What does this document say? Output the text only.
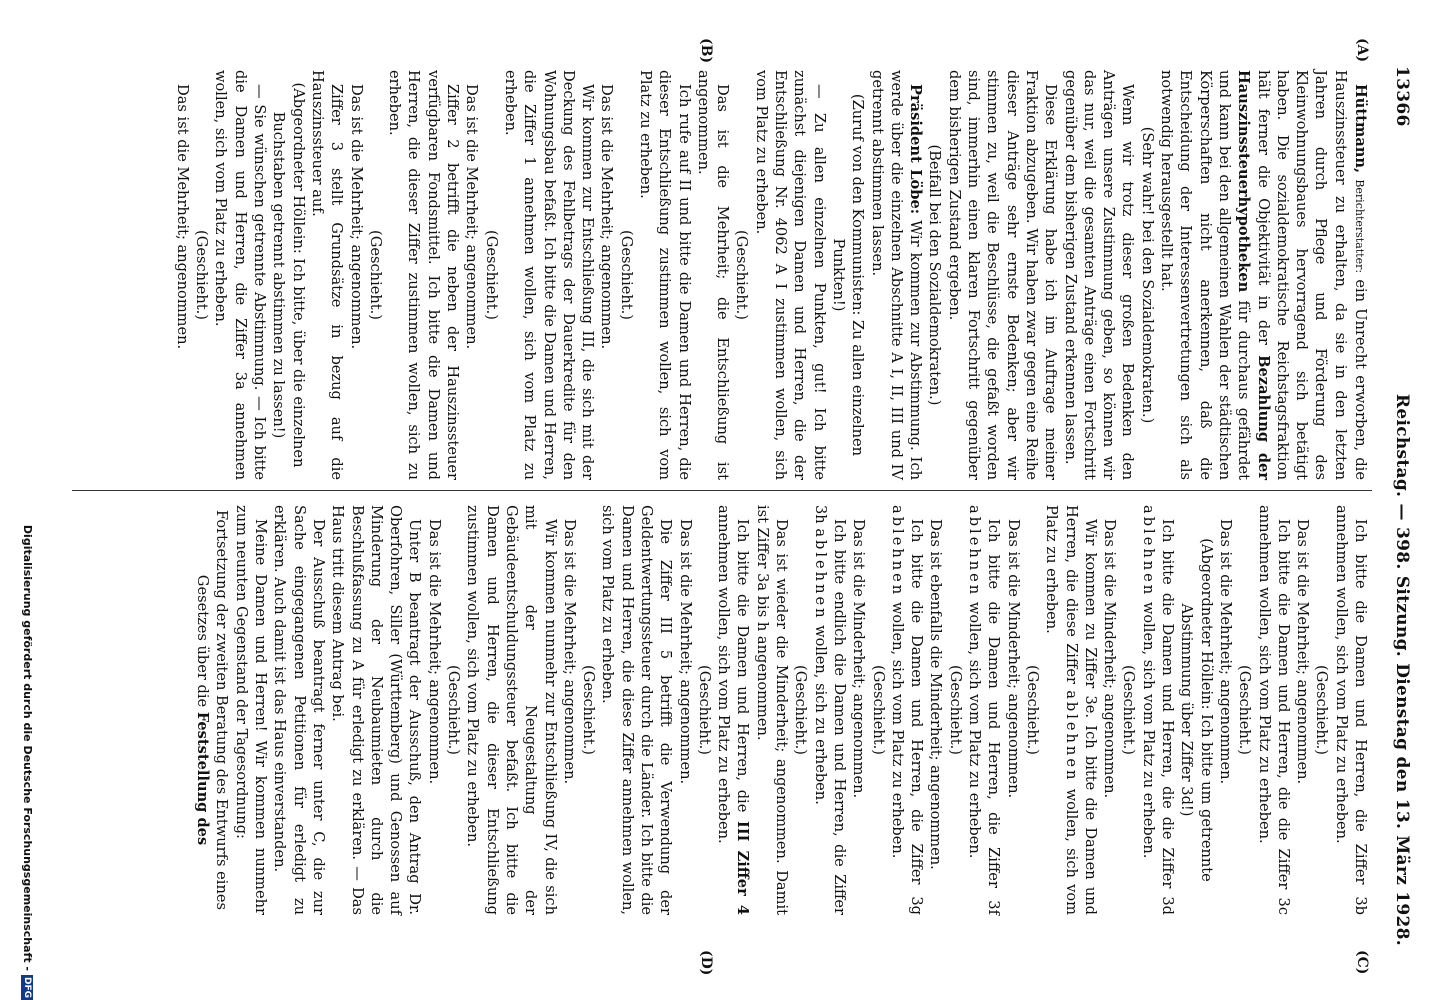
13366
Reichstag. — 398. Sitzung. Dienstag den 13. März 1928.
(A)
(B)
(C)
(D)

Hüttmann, Berichterstatter: ein Unrecht erworben, die Hauszinssteuer zu erhalten, da sie in den letzten Jahren durch Pflege und Förderung des Kleinwohnungsbaues hervorragend sich betätigt haben. Die sozialdemokratische Reichstagsfraktion hält ferner die Objektivität in der Bezahlung der Hauszinssteuerhypotheken für durchaus gefährdet und kann bei den allgemeinen Wahlen der städtischen Körperschaften nicht anerkennen, daß die Entscheidung der Interessenvertretungen sich als notwendig herausgestellt hat.

(Sehr wahr! bei den Sozialdemokraten.)

Wenn wir trotz dieser großen Bedenken den Anträgen unsere Zustimmung geben, so können wir das nur, weil die gesamten Anträge einen Fortschritt gegenüber dem bisherigen Zustand erkennen lassen.

Diese Erklärung habe ich im Auftrage meiner Fraktion abzugeben. Wir haben zwar gegen eine Reihe dieser Anträge sehr ernste Bedenken; aber wir stimmen zu, weil die Beschlüsse, die gefaßt worden sind, immerhin einen klaren Fortschritt gegenüber dem bisherigen Zustand ergeben.

(Beifall bei den Sozialdemokraten.)

Präsident Löbe: Wir kommen zur Abstimmung. Ich werde über die einzelnen Abschnitte A I, II, III und IV getrennt abstimmen lassen.

(Zuruf von den Kommunisten: Zu allen einzelnen Punkten!)

— Zu allen einzelnen Punkten, gut! Ich bitte zunächst diejenigen Damen und Herren, die der Entschließung Nr. 4062 A I zustimmen wollen, sich vom Platz zu erheben.

(Geschieht.)

Das ist die Mehrheit; die Entschließung ist angenommen.

Ich rufe auf II und bitte die Damen und Herren, die dieser Entschließung zustimmen wollen, sich vom Platz zu erheben.

(Geschieht.)

Das ist die Mehrheit; angenommen.

Wir kommen zur Entschließung III, die sich mit der Deckung des Fehlbetrags der Dauerkredite für den Wohnungsbau befaßt. Ich bitte die Damen und Herren, die Ziffer 1 annehmen wollen, sich vom Platz zu erheben.

(Geschieht.)

Das ist die Mehrheit; angenommen.

Ziffer 2 betrifft die neben der Hauszinssteuer verfügbaren Fondsmittel. Ich bitte die Damen und Herren, die dieser Ziffer zustimmen wollen, sich zu erheben.

(Geschieht.)

Das ist die Mehrheit; angenommen.

Ziffer 3 stellt Grundsätze in bezug auf die Hauszinssteuer auf.

(Abgeordneter Höllein: Ich bitte, über die einzelnen Buchstaben getrennt abstimmen zu lassen!)

— Sie wünschen getrennte Abstimmung. — Ich bitte die Damen und Herren, die Ziffer 3a annehmen wollen, sich vom Platz zu erheben.

(Geschieht.)

Das ist die Mehrheit; angenommen.

Ich bitte die Damen und Herren, die Ziffer 3b annehmen wollen, sich vom Platz zu erheben.

(Geschieht.)

Das ist die Mehrheit; angenommen.

Ich bitte die Damen und Herren, die die Ziffer 3c annehmen wollen, sich vom Platz zu erheben.

(Geschieht.)

Das ist die Mehrheit; angenommen.

(Abgeordneter Höllein: Ich bitte um getrennte Abstimmung über Ziffer 3d!)

Ich bitte die Damen und Herren, die die Ziffer 3d ablehnen wollen, sich vom Platz zu erheben.

(Geschieht.)

Das ist die Minderheit; angenommen.

Wir kommen zu Ziffer 3e. Ich bitte die Damen und Herren, die diese Ziffer ablehnen wollen, sich vom Platz zu erheben.

(Geschieht.)

Das ist die Minderheit; angenommen.

Ich bitte die Damen und Herren, die Ziffer 3f ablehnen wollen, sich vom Platz zu erheben.

(Geschieht.)

Das ist ebenfalls die Minderheit; angenommen.

Ich bitte die Damen und Herren, die Ziffer 3g ablehnen wollen, sich vom Platz zu erheben.

(Geschieht.)

Das ist die Minderheit; angenommen.

Ich bitte endlich die Damen und Herren, die Ziffer 3h ablehnen wollen, sich zu erheben.

(Geschieht.)

Das ist wieder die Minderheit; angenommen. Damit ist Ziffer 3a bis h angenommen.

Ich bitte die Damen und Herren, die III Ziffer 4 annehmen wollen, sich vom Platz zu erheben.

(Geschieht.)

Das ist die Mehrheit; angenommen.

Die Ziffer III 5 betrifft die Verwendung der Geldentwertungssteuer durch die Länder. Ich bitte die Damen und Herren, die diese Ziffer annehmen wollen, sich vom Platz zu erheben.

(Geschieht.)

Das ist die Mehrheit; angenommen.

Wir kommen nunmehr zur Entschließung IV, die sich mit der Neugestaltung der Gebäudeentschuldungssteuer befaßt. Ich bitte die Damen und Herren, die dieser Entschließung zustimmen wollen, sich vom Platz zu erheben.

(Geschieht.)

Das ist die Mehrheit; angenommen.

Unter B beantragt der Ausschuß, den Antrag Dr. Oberfohren, Siller (Württemberg) und Genossen auf Minderung der Neubaumieten durch die Beschlußfassung zu A für erledigt zu erklären. — Das Haus tritt diesem Antrag bei.

Der Ausschuß beantragt ferner unter C, die zur Sache eingegangenen Petitionen für erledigt zu erklären. Auch damit ist das Haus einverstanden.

Meine Damen und Herren! Wir kommen nunmehr zum neunten Gegenstand der Tagesordnung:

Fortsetzung der zweiten Beratung des Entwurfs eines Gesetzes über die Feststellung des

Digitalisierung gefördert durch die Deutsche Forschungsgemeinschaft -DFG
